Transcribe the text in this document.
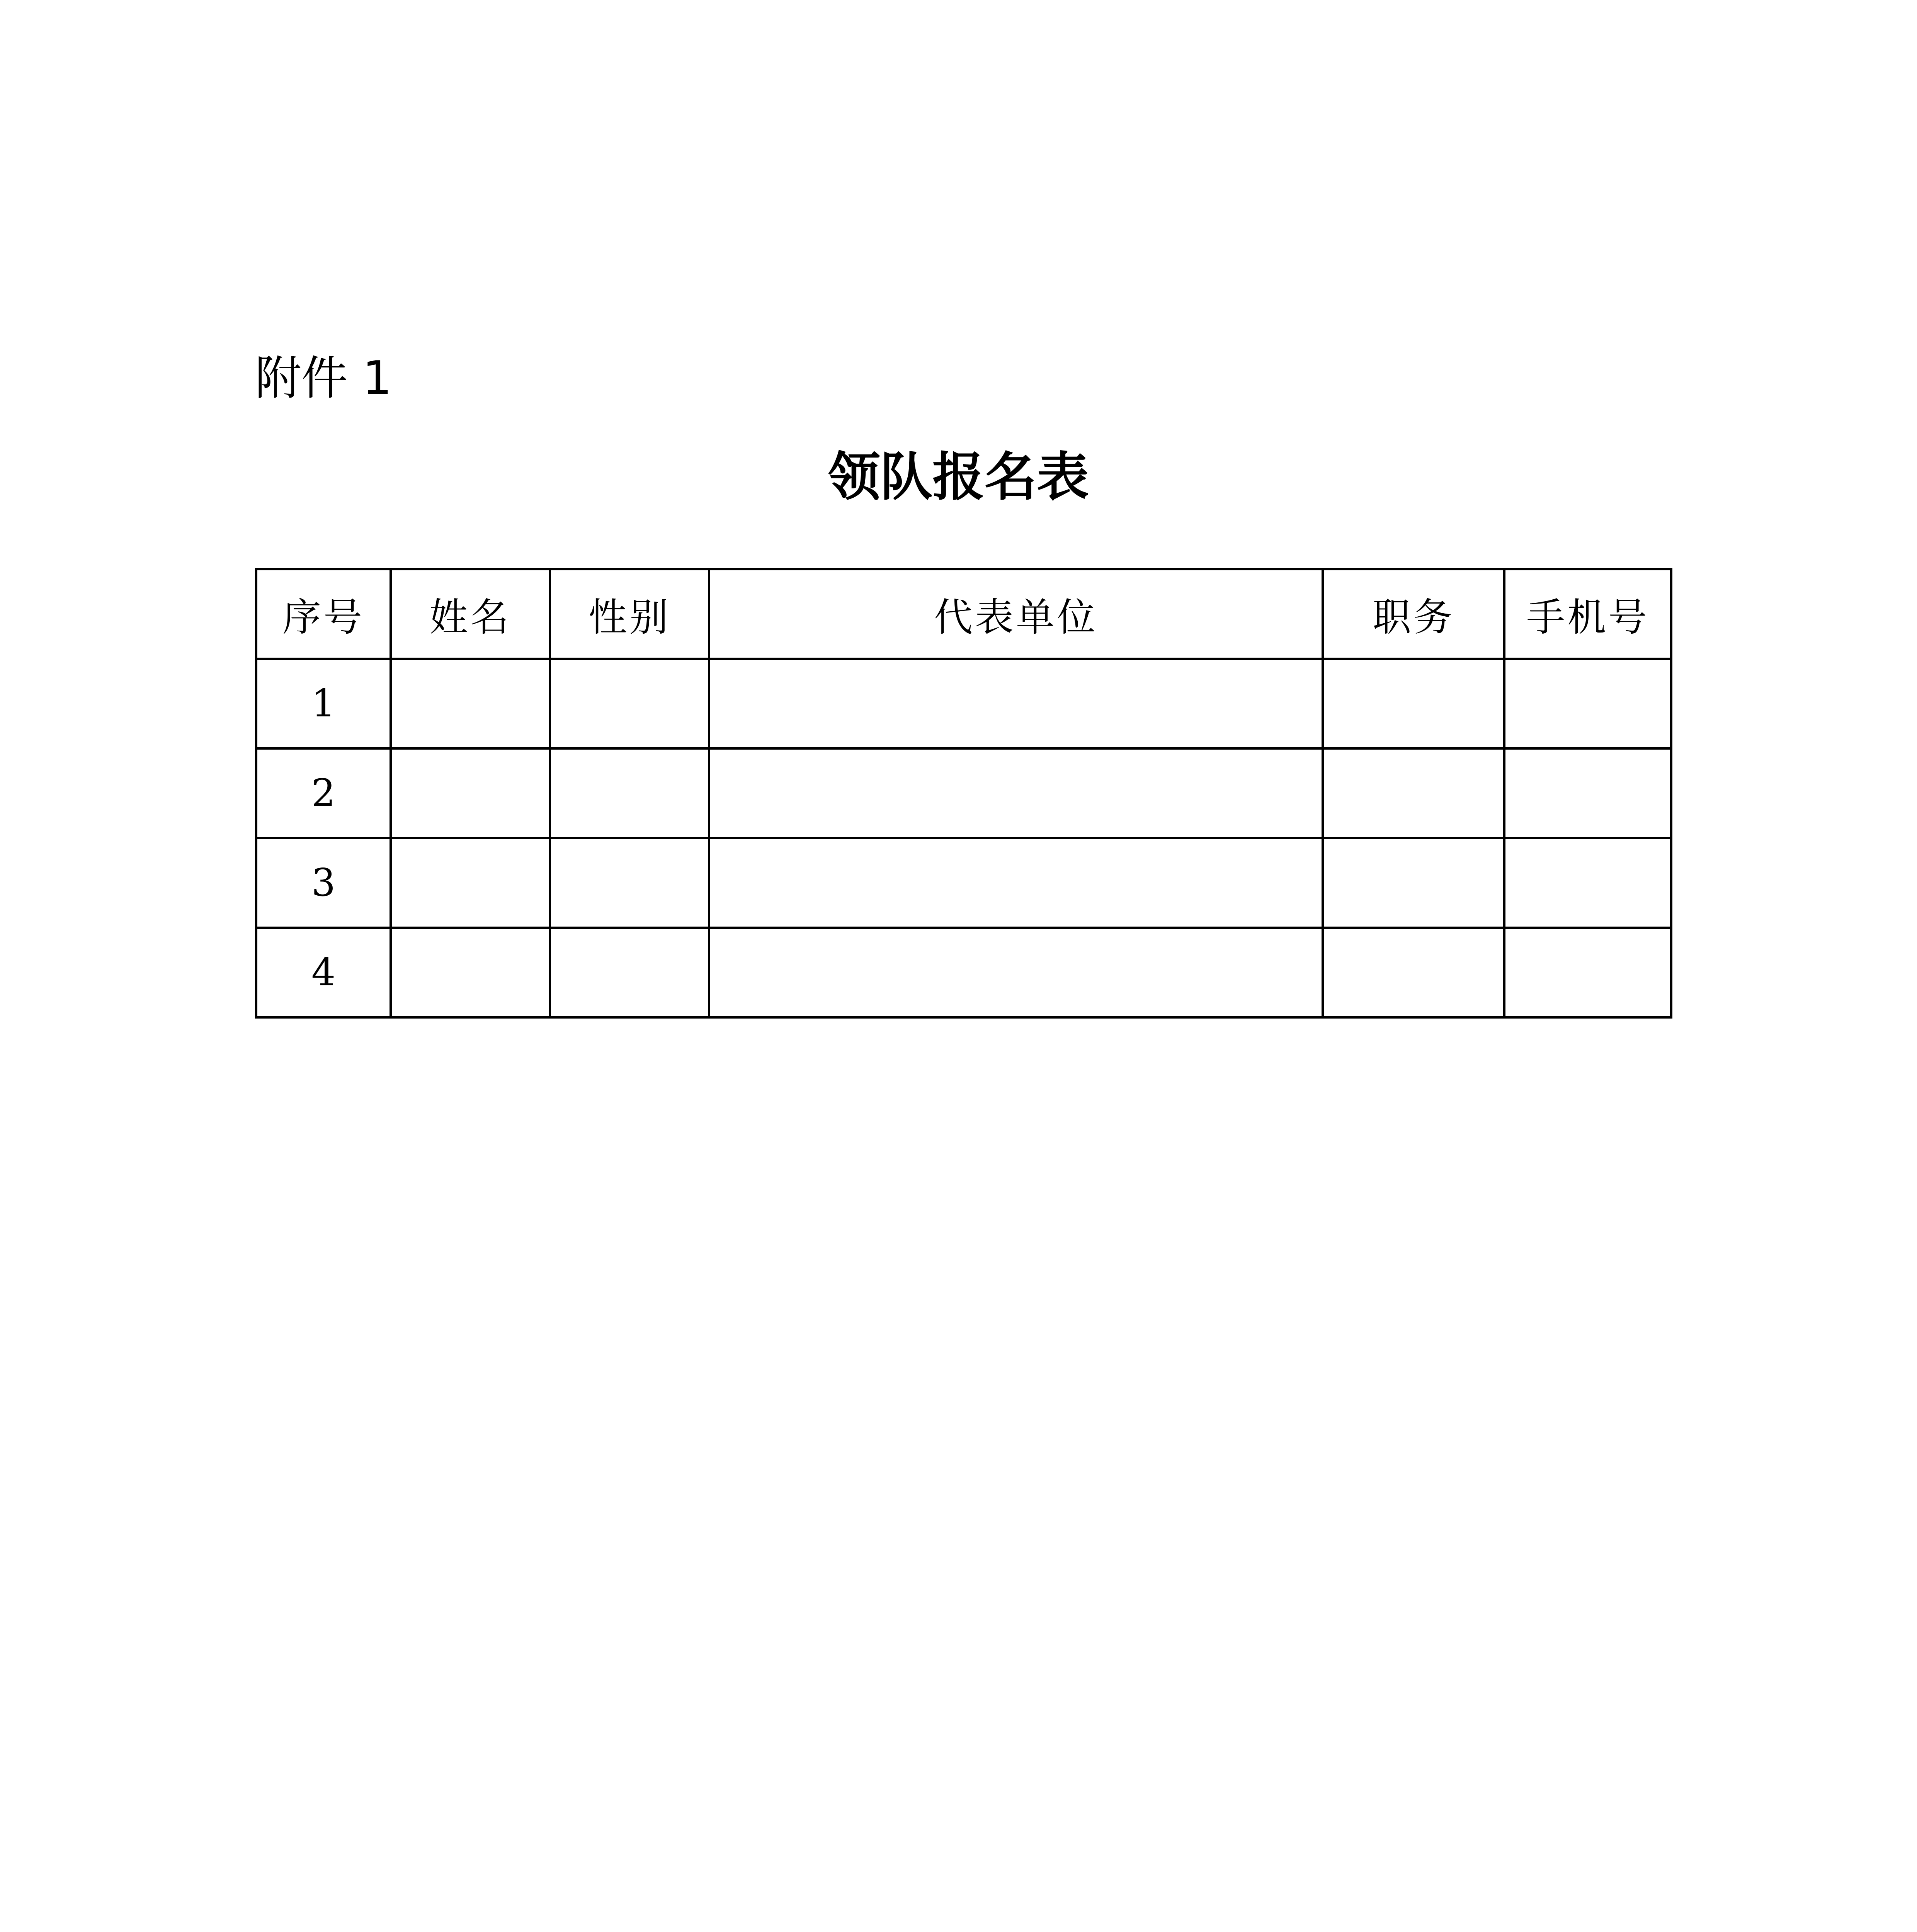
附件 1
领队报名表
序号	姓名	性别	代表单位	职务	手机号
1					
2					
3					
4					
